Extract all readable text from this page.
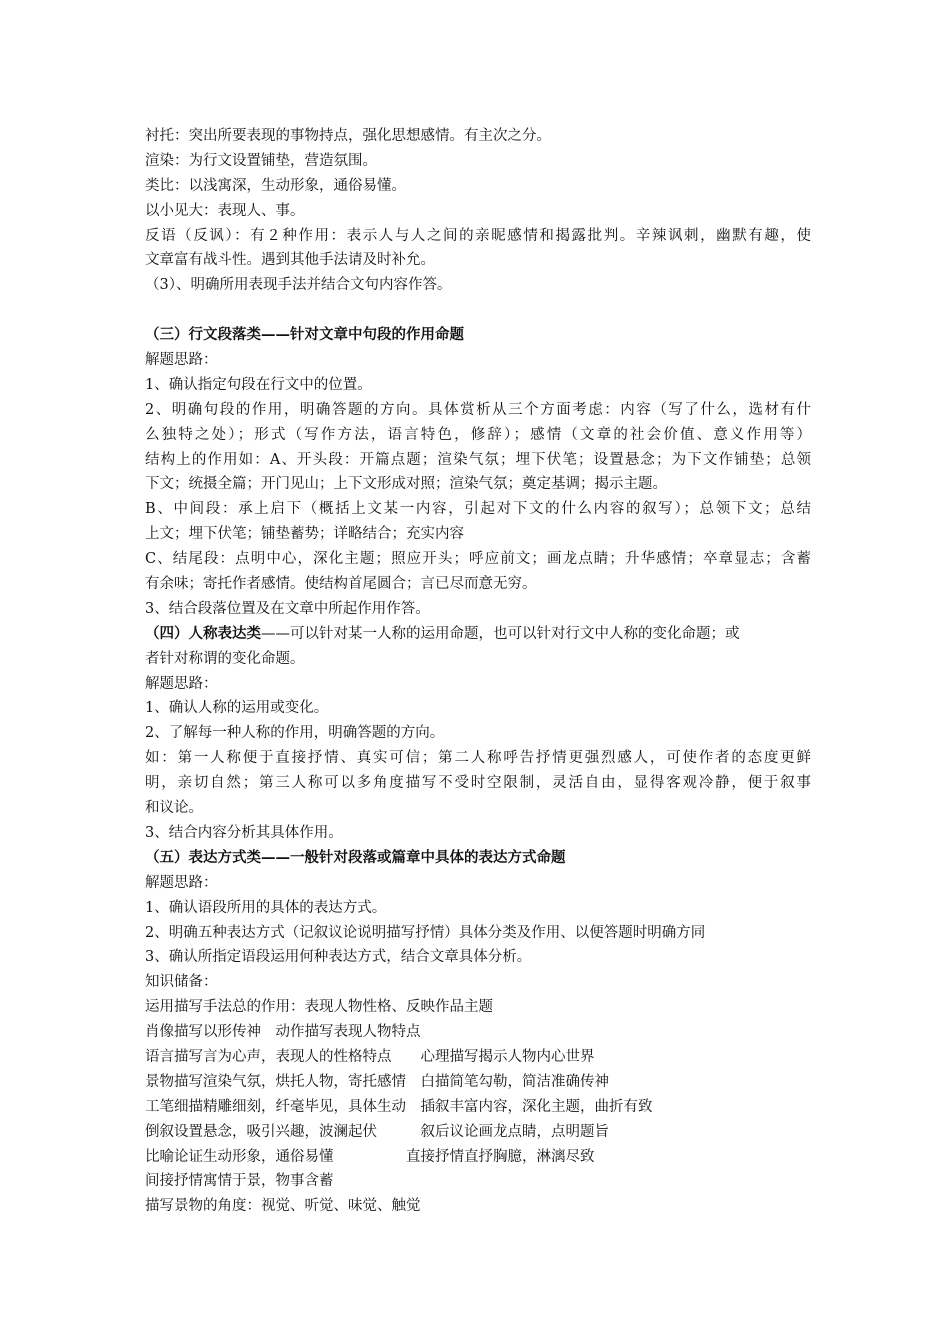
衬托：突出所要表现的事物持点，强化思想感情。有主次之分。
渲染：为行文设置铺垫，营造氛围。
类比：以浅寓深，生动形象，通俗易懂。
以小见大：表现人、事。
反语（反讽）：有２种作用：表示人与人之间的亲昵感情和揭露批判。辛辣讽刺，幽默有趣，使
文章富有战斗性。遇到其他手法请及时补允。
（3）、明确所用表现手法并结合文句内容作答。
（三）行文段落类——针对文章中句段的作用命题
解题思路：
1、确认指定句段在行文中的位置。
2、明确句段的作用，明确答题的方向。具体赏析从三个方面考虑：内容（写了什么，选材有什
么独特之处）；形式（写作方法，语言特色，修辞）；感情（文章的社会价值、意义作用等）
结构上的作用如：A、开头段：开篇点题；渲染气氛；埋下伏笔；设置悬念；为下文作铺垫；总领
下文；统摄全篇；开门见山；上下文形成对照；渲染气氛；奠定基调；揭示主题。
B、中间段：承上启下（概括上文某一内容，引起对下文的什么内容的叙写）；总领下文；总结
上文；埋下伏笔；铺垫蓄势；详略结合；充实内容
C、结尾段：点明中心，深化主题；照应开头；呼应前文；画龙点睛；升华感情；卒章显志；含蓄
有余味；寄托作者感情。使结构首尾圆合；言已尽而意无穷。
3、结合段落位置及在文章中所起作用作答。
（四）人称表达类——可以针对某一人称的运用命题，也可以针对行文中人称的变化命题；或
者针对称谓的变化命题。
解题思路：
1、确认人称的运用或变化。
2、了解每一种人称的作用，明确答题的方向。
如：第一人称便于直接抒情、真实可信；第二人称呼告抒情更强烈感人，可使作者的态度更鲜
明，亲切自然；第三人称可以多角度描写不受时空限制，灵活自由，显得客观冷静，便于叙事
和议论。
3、结合内容分析其具体作用。
（五）表达方式类——一般针对段落或篇章中具体的表达方式命题
解题思路：
1、确认语段所用的具体的表达方式。
2、明确五种表达方式（记叙议论说明描写抒情）具体分类及作用、以便答题时明确方同
3、确认所指定语段运用何种表达方式，结合文章具体分析。
知识储备：
运用描写手法总的作用：表现人物性格、反映作品主题
肖像描写以形传神　动作描写表现人物特点
语言描写言为心声，表现人的性格特点　　心理描写揭示人物内心世界
景物描写渲染气氛，烘托人物，寄托感情　白描简笔勾勒，简洁准确传神
工笔细描精雕细刻，纤毫毕见，具体生动　插叙丰富内容，深化主题，曲折有致
倒叙设置悬念，吸引兴趣，波澜起伏　　　叙后议论画龙点睛，点明题旨
比喻论证生动形象，通俗易懂　　　　　直接抒情直抒胸臆，淋漓尽致
间接抒情寓情于景，物事含蓄
描写景物的角度：视觉、听觉、味觉、触觉
